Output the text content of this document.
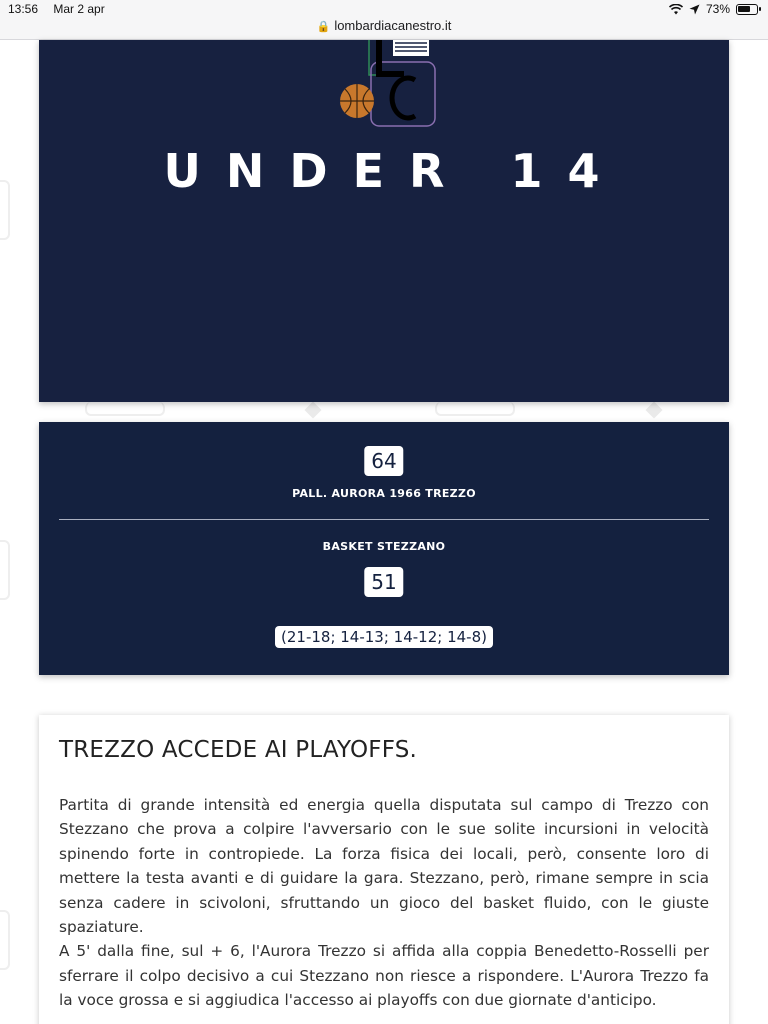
13:56 Mar 2 apr	73%
🔒 lombardiacanestro.it
UNDER 14
64
PALL. AURORA 1966 TREZZO
BASKET STEZZANO
51
(21-18; 14-13; 14-12; 14-8)
TREZZO ACCEDE AI PLAYOFFS.

Partita di grande intensità ed energia quella disputata sul campo di Trezzo con Stezzano che prova a colpire l'avversario con le sue solite incursioni in velocità spinendo forte in contropiede. La forza fisica dei locali, però, consente loro di mettere la testa avanti e di guidare la gara. Stezzano, però, rimane sempre in scia senza cadere in scivoloni, sfruttando un gioco del basket fluido, con le giuste spaziature.

A 5' dalla fine, sul + 6, l'Aurora Trezzo si affida alla coppia Benedetto-Rosselli per sferrare il colpo decisivo a cui Stezzano non riesce a rispondere. L'Aurora Trezzo fa la voce grossa e si aggiudica l'accesso ai playoffs con due giornate d'anticipo.
